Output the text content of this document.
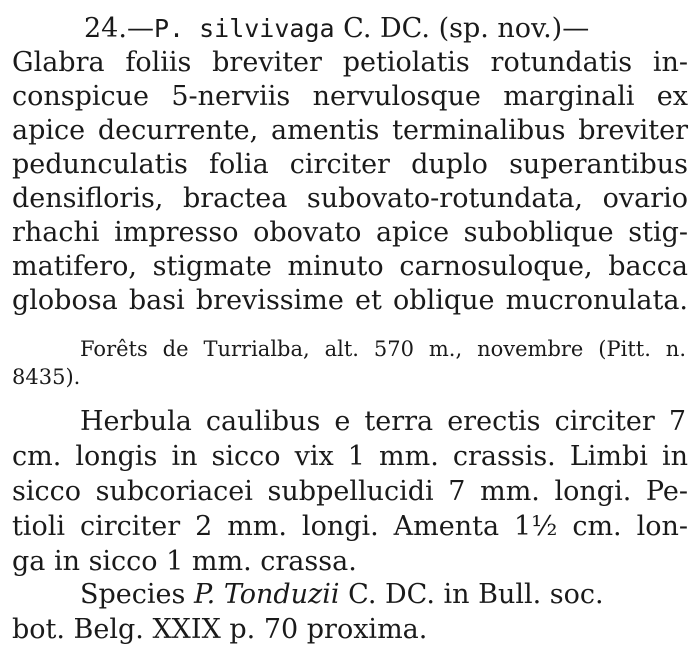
24.—P. silvivaga C. DC. (sp. nov.)—
Glabra foliis breviter petiolatis rotundatis in-
conspicue 5-nerviis nervulosque marginali ex
apice decurrente, amentis terminalibus breviter
pedunculatis folia circiter duplo superantibus
densifloris, bractea subovato-rotundata, ovario
rhachi impresso obovato apice suboblique stig-
matifero, stigmate minuto carnosuloque, bacca
globosa basi brevissime et oblique mucronulata.
Forêts de Turrialba, alt. 570 m., novembre (Pitt. n.
8435).
Herbula caulibus e terra erectis circiter 7
cm. longis in sicco vix 1 mm. crassis. Limbi in
sicco subcoriacei subpellucidi 7 mm. longi. Pe-
tioli circiter 2 mm. longi. Amenta 1½ cm. lon-
ga in sicco 1 mm. crassa.
Species P. Tonduzii C. DC. in Bull. soc.
bot. Belg. XXIX p. 70 proxima.
